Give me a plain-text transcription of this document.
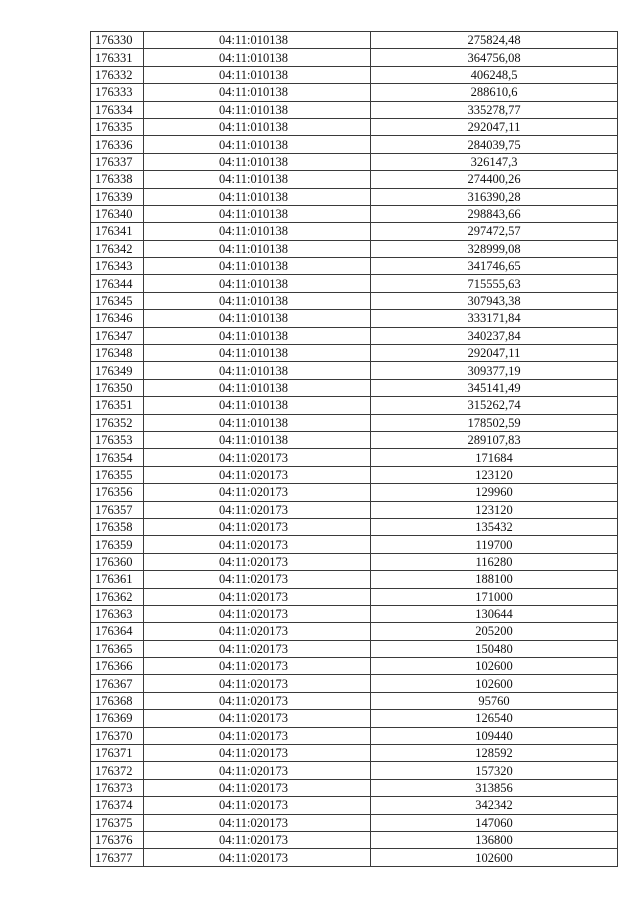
176330	04:11:010138	275824,48
176331	04:11:010138	364756,08
176332	04:11:010138	406248,5
176333	04:11:010138	288610,6
176334	04:11:010138	335278,77
176335	04:11:010138	292047,11
176336	04:11:010138	284039,75
176337	04:11:010138	326147,3
176338	04:11:010138	274400,26
176339	04:11:010138	316390,28
176340	04:11:010138	298843,66
176341	04:11:010138	297472,57
176342	04:11:010138	328999,08
176343	04:11:010138	341746,65
176344	04:11:010138	715555,63
176345	04:11:010138	307943,38
176346	04:11:010138	333171,84
176347	04:11:010138	340237,84
176348	04:11:010138	292047,11
176349	04:11:010138	309377,19
176350	04:11:010138	345141,49
176351	04:11:010138	315262,74
176352	04:11:010138	178502,59
176353	04:11:010138	289107,83
176354	04:11:020173	171684
176355	04:11:020173	123120
176356	04:11:020173	129960
176357	04:11:020173	123120
176358	04:11:020173	135432
176359	04:11:020173	119700
176360	04:11:020173	116280
176361	04:11:020173	188100
176362	04:11:020173	171000
176363	04:11:020173	130644
176364	04:11:020173	205200
176365	04:11:020173	150480
176366	04:11:020173	102600
176367	04:11:020173	102600
176368	04:11:020173	95760
176369	04:11:020173	126540
176370	04:11:020173	109440
176371	04:11:020173	128592
176372	04:11:020173	157320
176373	04:11:020173	313856
176374	04:11:020173	342342
176375	04:11:020173	147060
176376	04:11:020173	136800
176377	04:11:020173	102600
